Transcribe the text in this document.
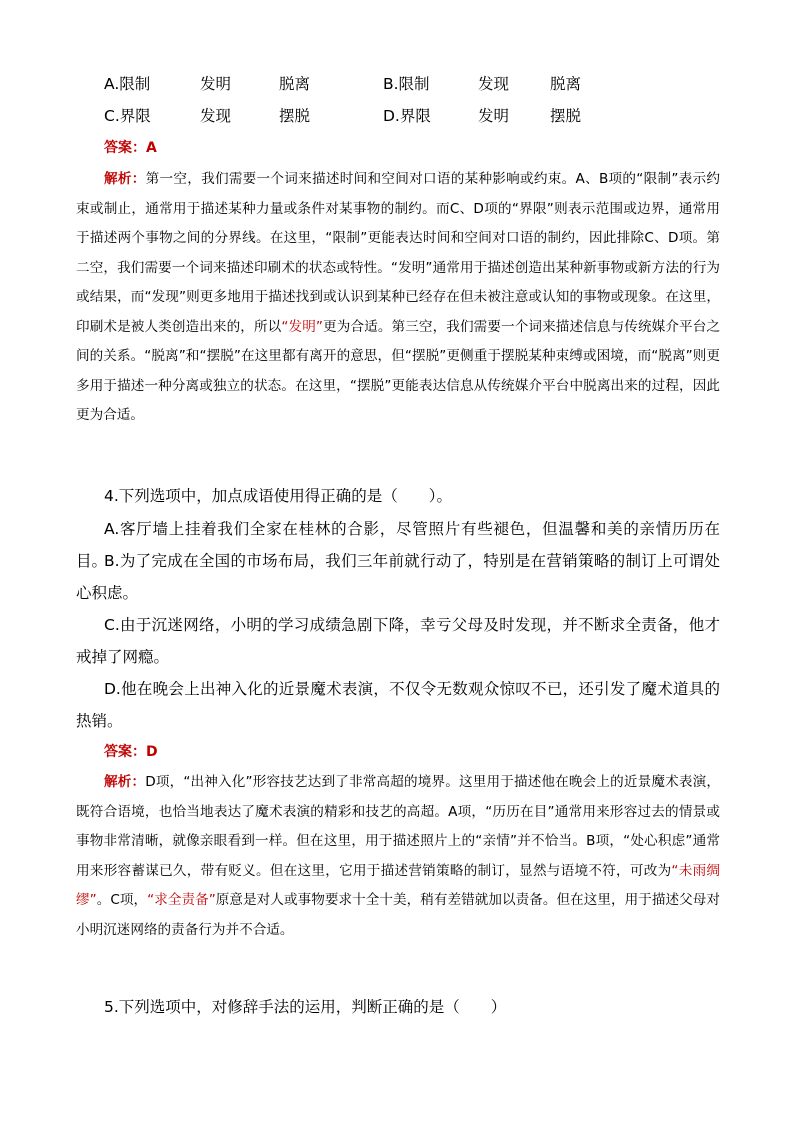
A.限制	发明	脱离	B.限制	发现	脱离
C.界限	发现	摆脱	D.界限	发明	摆脱
答案：A
解析：第一空，我们需要一个词来描述时间和空间对口语的某种影响或约束。A、B项的“限制”表示约束或制止，通常用于描述某种力量或条件对某事物的制约。而C、D项的“界限”则表示范围或边界，通常用于描述两个事物之间的分界线。在这里，“限制”更能表达时间和空间对口语的制约，因此排除C、D项。第二空，我们需要一个词来描述印刷术的状态或特性。“发明”通常用于描述创造出某种新事物或新方法的行为或结果，而“发现”则更多地用于描述找到或认识到某种已经存在但未被注意或认知的事物或现象。在这里，印刷术是被人类创造出来的，所以“发明”更为合适。第三空，我们需要一个词来描述信息与传统媒介平台之间的关系。“脱离”和“摆脱”在这里都有离开的意思，但“摆脱”更侧重于摆脱某种束缚或困境，而“脱离”则更多用于描述一种分离或独立的状态。在这里，“摆脱”更能表达信息从传统媒介平台中脱离出来的过程，因此更为合适。
4.下列选项中，加点成语使用得正确的是（　　）。
A.客厅墙上挂着我们全家在桂林的合影，尽管照片有些褪色，但温馨和美的亲情历历在目。
B.为了完成在全国的市场布局，我们三年前就行动了，特别是在营销策略的制订上可谓处心积虑。
C.由于沉迷网络，小明的学习成绩急剧下降，幸亏父母及时发现，并不断求全责备，他才戒掉了网瘾。
D.他在晚会上出神入化的近景魔术表演，不仅令无数观众惊叹不已，还引发了魔术道具的热销。
答案：D
解析：D项，“出神入化”形容技艺达到了非常高超的境界。这里用于描述他在晚会上的近景魔术表演，既符合语境，也恰当地表达了魔术表演的精彩和技艺的高超。A项，“历历在目”通常用来形容过去的情景或事物非常清晰，就像亲眼看到一样。但在这里，用于描述照片上的“亲情”并不恰当。B项，“处心积虑”通常用来形容蓄谋已久，带有贬义。但在这里，它用于描述营销策略的制订，显然与语境不符，可改为“未雨绸缪”。C项，“求全责备”原意是对人或事物要求十全十美，稍有差错就加以责备。但在这里，用于描述父母对小明沉迷网络的责备行为并不合适。
5.下列选项中，对修辞手法的运用，判断正确的是（　　）
